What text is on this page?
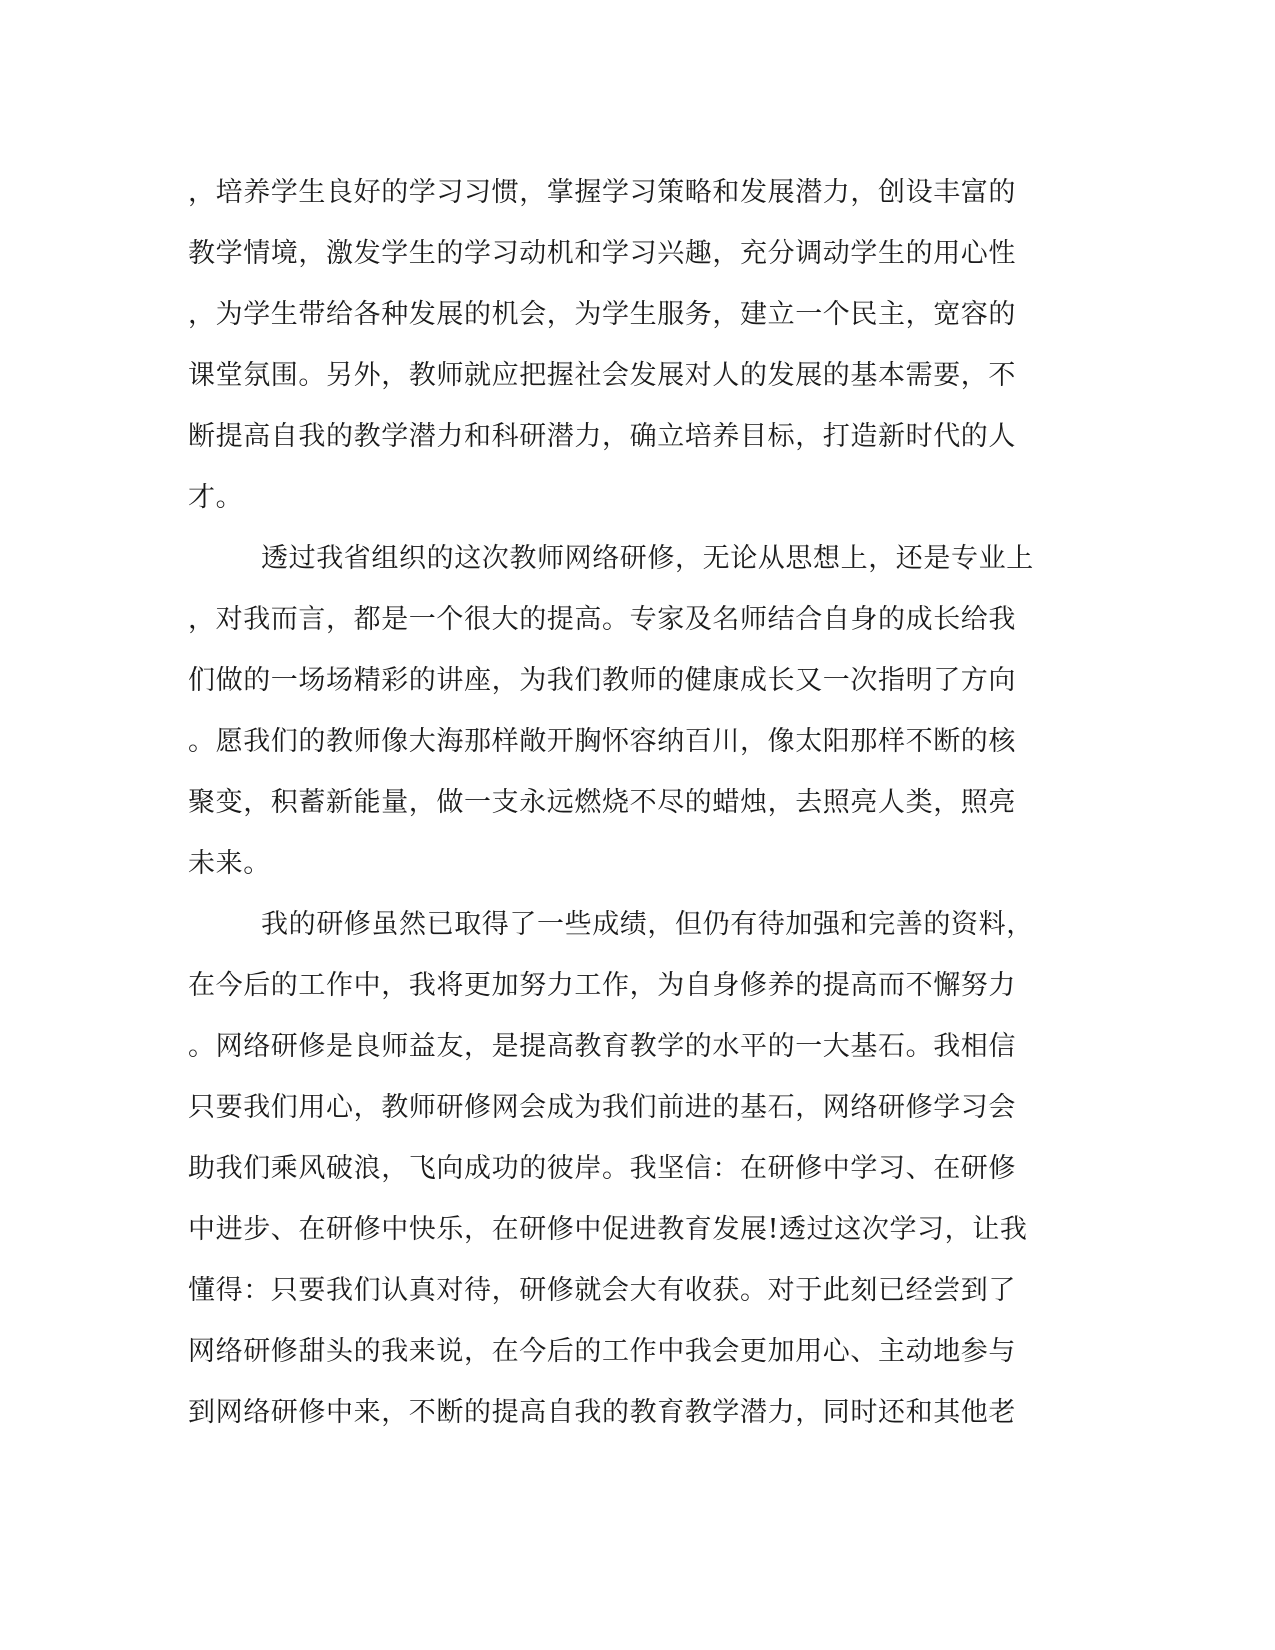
，培养学生良好的学习习惯，掌握学习策略和发展潜力，创设丰富的
教学情境，激发学生的学习动机和学习兴趣，充分调动学生的用心性
，为学生带给各种发展的机会，为学生服务，建立一个民主，宽容的
课堂氛围。另外，教师就应把握社会发展对人的发展的基本需要，不
断提高自我的教学潜力和科研潜力，确立培养目标，打造新时代的人
才。
透过我省组织的这次教师网络研修，无论从思想上，还是专业上
，对我而言，都是一个很大的提高。专家及名师结合自身的成长给我
们做的一场场精彩的讲座，为我们教师的健康成长又一次指明了方向
。愿我们的教师像大海那样敞开胸怀容纳百川，像太阳那样不断的核
聚变，积蓄新能量，做一支永远燃烧不尽的蜡烛，去照亮人类，照亮
未来。
我的研修虽然已取得了一些成绩，但仍有待加强和完善的资料，
在今后的工作中，我将更加努力工作，为自身修养的提高而不懈努力
。网络研修是良师益友，是提高教育教学的水平的一大基石。我相信
只要我们用心，教师研修网会成为我们前进的基石，网络研修学习会
助我们乘风破浪，飞向成功的彼岸。我坚信：在研修中学习、在研修
中进步、在研修中快乐，在研修中促进教育发展!透过这次学习，让我
懂得：只要我们认真对待，研修就会大有收获。对于此刻已经尝到了
网络研修甜头的我来说，在今后的工作中我会更加用心、主动地参与
到网络研修中来，不断的提高自我的教育教学潜力，同时还和其他老
